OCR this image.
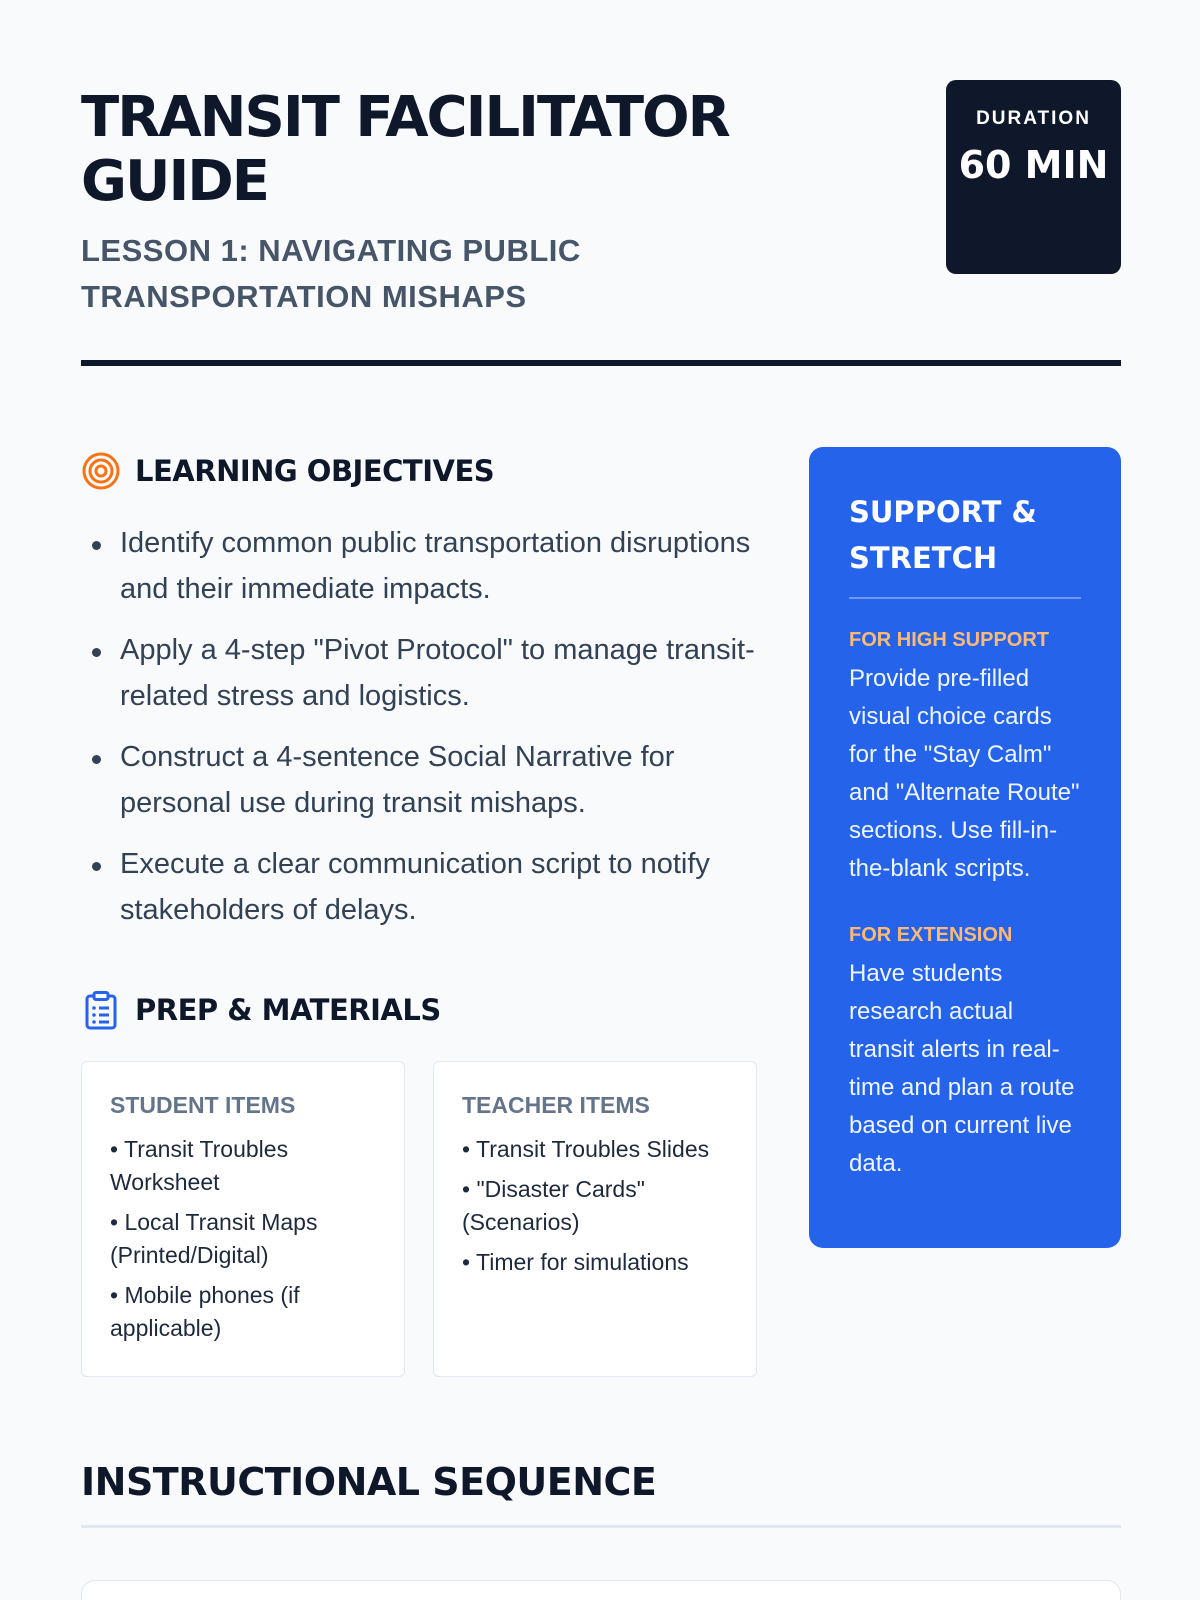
TRANSIT FACILITATOR GUIDE
LESSON 1: NAVIGATING PUBLIC TRANSPORTATION MISHAPS
DURATION
60 MIN
LEARNING OBJECTIVES
Identify common public transportation disruptions and their immediate impacts.
Apply a 4-step "Pivot Protocol" to manage transit-related stress and logistics.
Construct a 4-sentence Social Narrative for personal use during transit mishaps.
Execute a clear communication script to notify stakeholders of delays.
PREP & MATERIALS
STUDENT ITEMS
• Transit Troubles Worksheet
• Local Transit Maps (Printed/Digital)
• Mobile phones (if applicable)
TEACHER ITEMS
• Transit Troubles Slides
• "Disaster Cards" (Scenarios)
• Timer for simulations
SUPPORT & STRETCH
FOR HIGH SUPPORT
Provide pre-filled visual choice cards for the "Stay Calm" and "Alternate Route" sections. Use fill-in-the-blank scripts.
FOR EXTENSION
Have students research actual transit alerts in real-time and plan a route based on current live data.
INSTRUCTIONAL SEQUENCE
